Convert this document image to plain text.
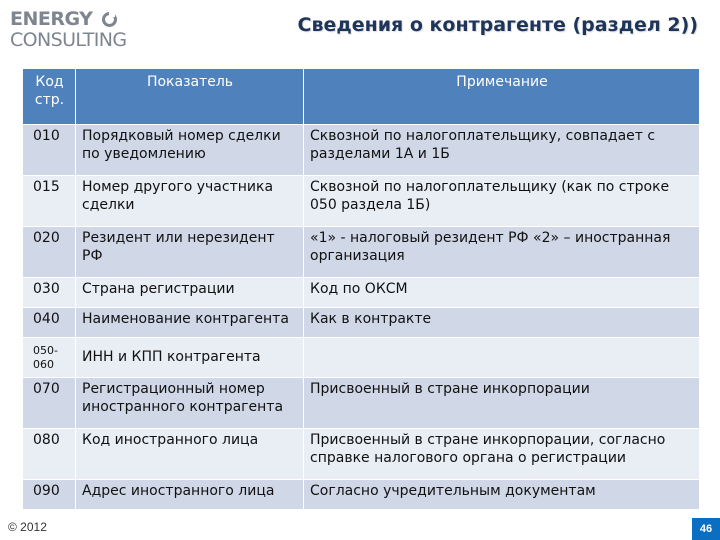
ENERGY
CONSULTING
Сведения о контрагенте (раздел 2))
Код стр.	Показатель	Примечание
010	Порядковый номер сделки по уведомлению	Сквозной по налогоплательщику, совпадает с разделами 1А и 1Б
015	Номер другого участника сделки	Сквозной по налогоплательщику (как по строке 050 раздела 1Б)
020	Резидент или нерезидент РФ	«1» - налоговый резидент РФ «2» – иностранная организация
030	Страна регистрации	Код по ОКСМ
040	Наименование контрагента	Как в контракте
050- 060	ИНН и КПП контрагента	
070	Регистрационный номер иностранного контрагента	Присвоенный в стране инкорпорации
080	Код иностранного лица	Присвоенный в стране инкорпорации, согласно справке налогового органа о регистрации
090	Адрес иностранного лица	Согласно учредительным документам
© 2012	46
